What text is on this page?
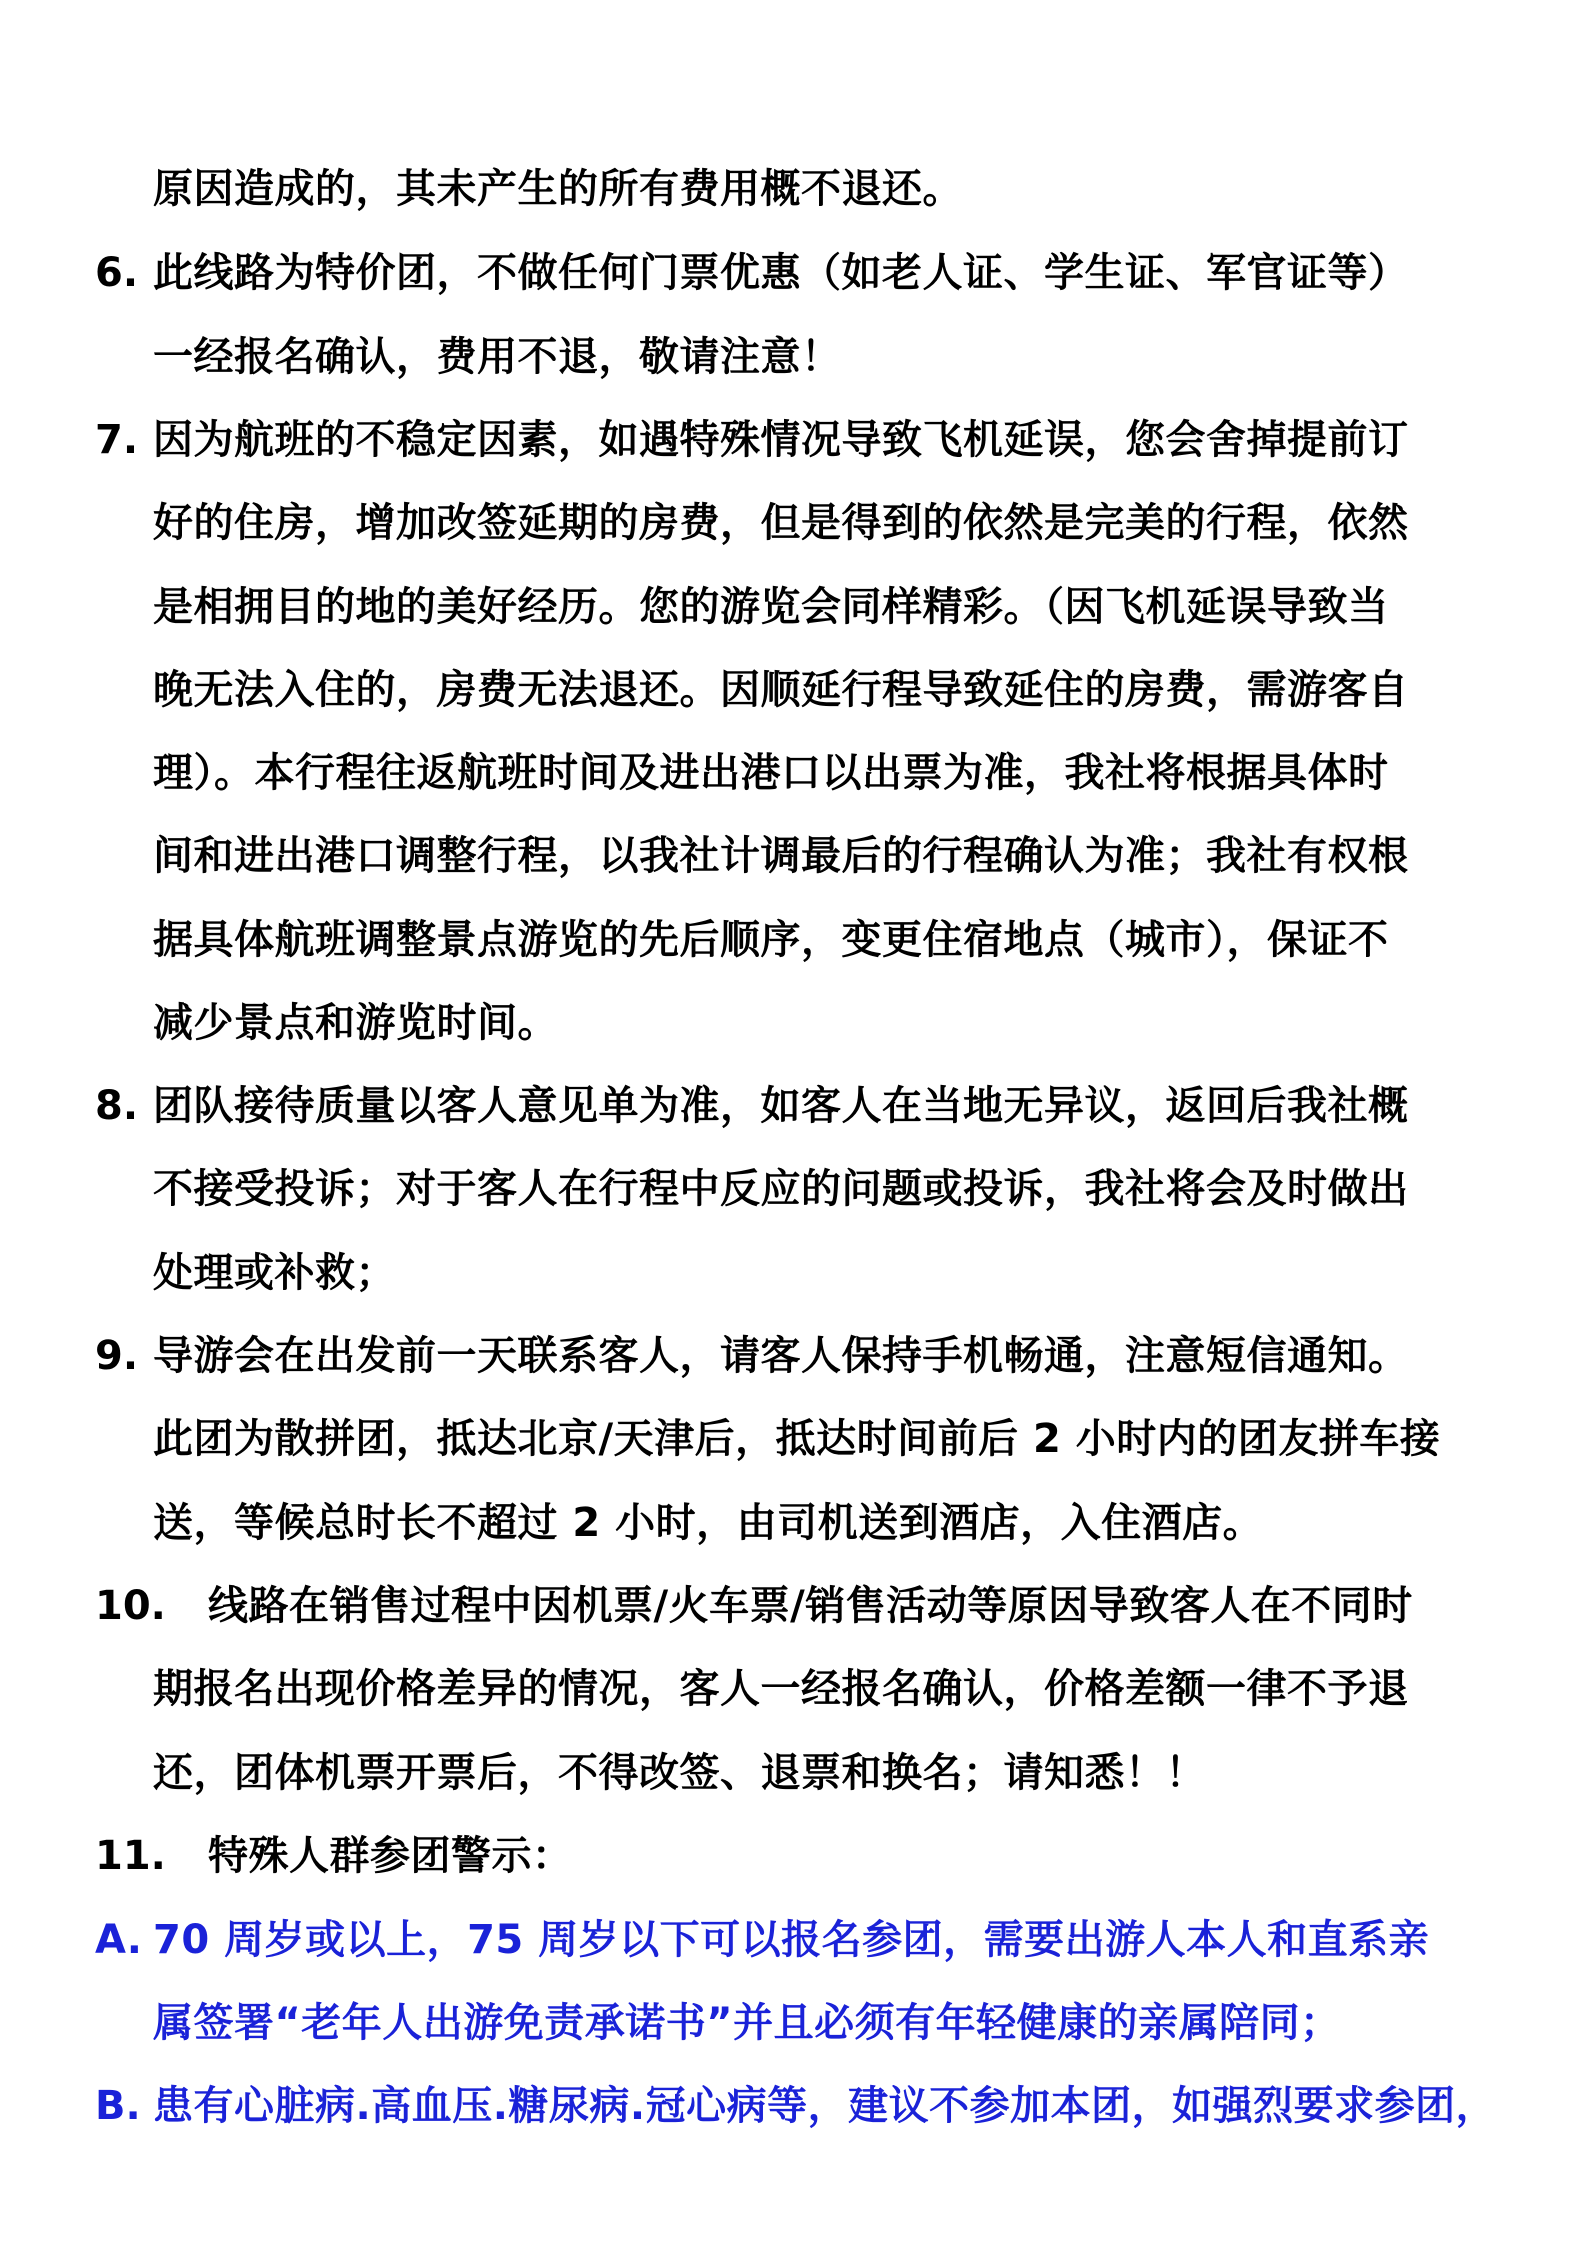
原因造成的，其未产生的所有费用概不退还。
6. 此线路为特价团，不做任何门票优惠（如老人证、学生证、军官证等）
一经报名确认，费用不退，敬请注意！
7. 因为航班的不稳定因素，如遇特殊情况导致飞机延误，您会舍掉提前订
好的住房，增加改签延期的房费，但是得到的依然是完美的行程，依然
是相拥目的地的美好经历。您的游览会同样精彩。（因飞机延误导致当
晚无法入住的，房费无法退还。因顺延行程导致延住的房费，需游客自
理）。本行程往返航班时间及进出港口以出票为准，我社将根据具体时
间和进出港口调整行程，以我社计调最后的行程确认为准；我社有权根
据具体航班调整景点游览的先后顺序，变更住宿地点（城市），保证不
减少景点和游览时间。
8. 团队接待质量以客人意见单为准，如客人在当地无异议，返回后我社概
不接受投诉；对于客人在行程中反应的问题或投诉，我社将会及时做出
处理或补救；
9. 导游会在出发前一天联系客人，请客人保持手机畅通，注意短信通知。
此团为散拼团，抵达北京/天津后，抵达时间前后 2 小时内的团友拼车接
送，等候总时长不超过 2 小时，由司机送到酒店，入住酒店。
10. 线路在销售过程中因机票/火车票/销售活动等原因导致客人在不同时
期报名出现价格差异的情况，客人一经报名确认，价格差额一律不予退
还，团体机票开票后，不得改签、退票和换名；请知悉！！
11. 特殊人群参团警示：
A. 70 周岁或以上，75 周岁以下可以报名参团，需要出游人本人和直系亲
属签署“老年人出游免责承诺书”并且必须有年轻健康的亲属陪同；
B. 患有心脏病.高血压.糖尿病.冠心病等，建议不参加本团，如强烈要求参团，
